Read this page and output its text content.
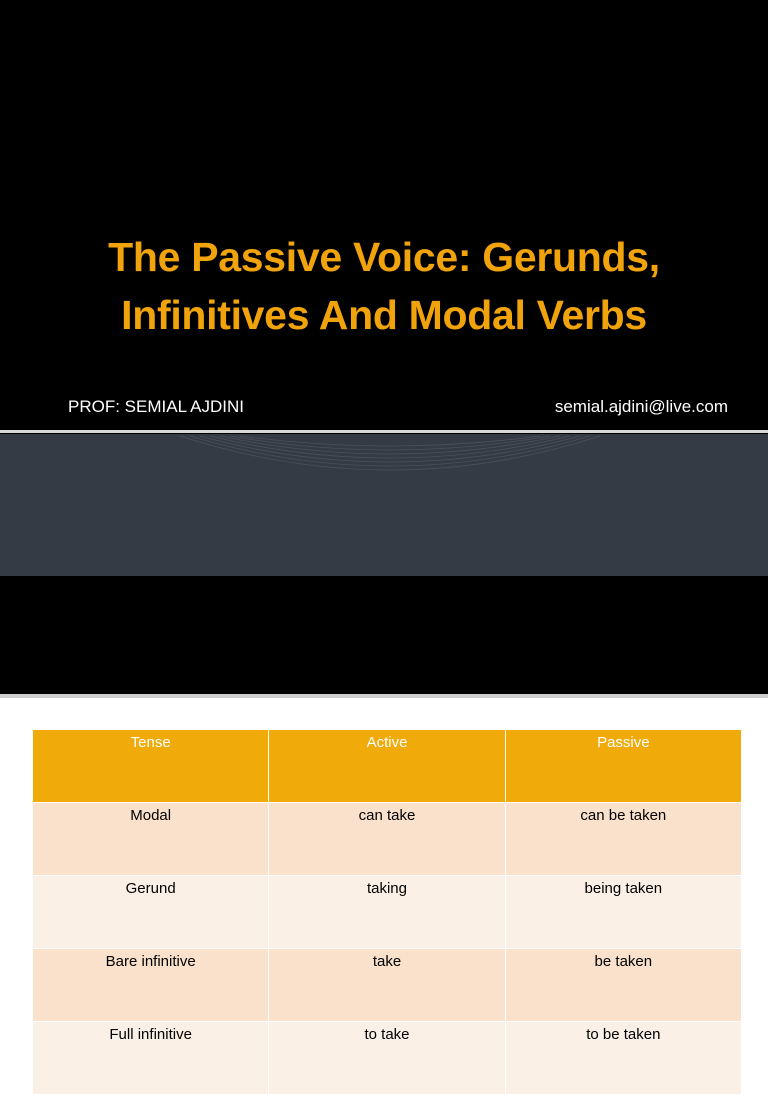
The Passive Voice: Gerunds,
Infinitives And Modal Verbs
PROF: SEMIAL AJDINI	semial.ajdini@live.com
Tense	Active	Passive
Modal	can take	can be taken
Gerund	taking	being taken
Bare infinitive	take	be taken
Full infinitive	to take	to be taken
